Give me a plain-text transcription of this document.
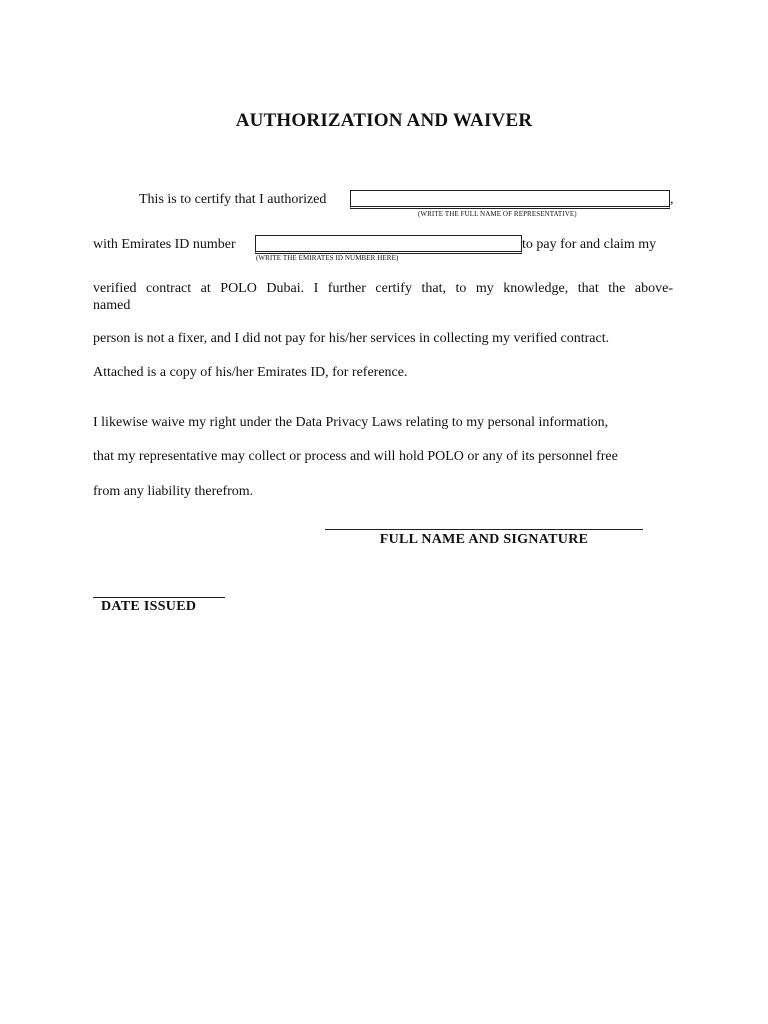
AUTHORIZATION AND WAIVER
This is to certify that I authorized	,
(WRITE THE FULL NAME OF REPRESENTATIVE)
with Emirates ID number	to pay for and claim my
(WRITE THE EMIRATES ID NUMBER HERE)
verified contract at POLO Dubai. I further certify that, to my knowledge, that the above-
named
person is not a fixer, and I did not pay for his/her services in collecting my verified contract.
Attached is a copy of his/her Emirates ID, for reference.
I likewise waive my right under the Data Privacy Laws relating to my personal information,
that my representative may collect or process and will hold POLO or any of its personnel free
from any liability therefrom.
FULL NAME AND SIGNATURE
DATE ISSUED
